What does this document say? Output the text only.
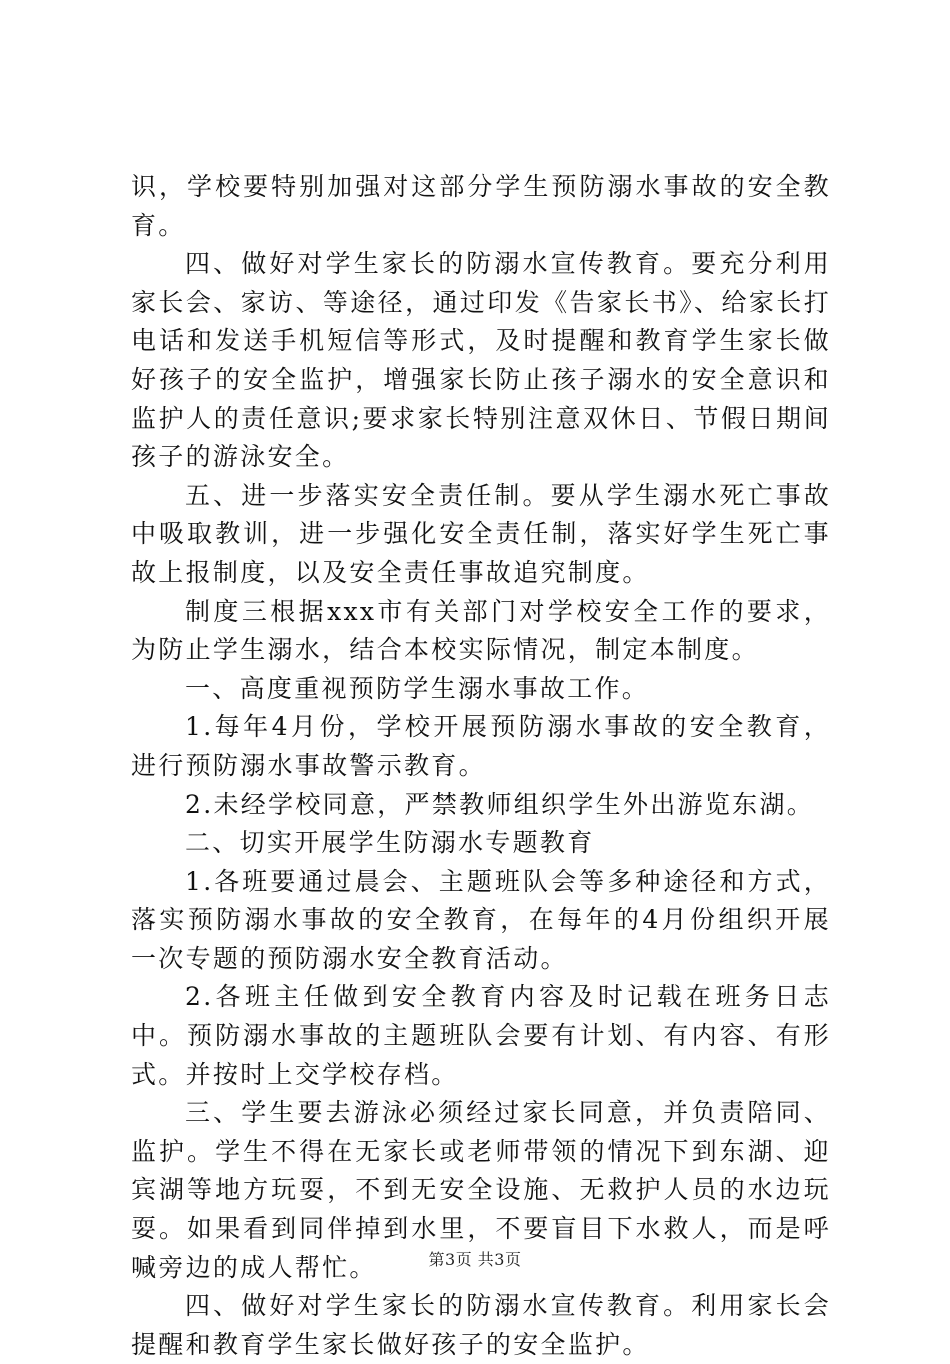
识，学校要特别加强对这部分学生预防溺水事故的安全教育。

四、做好对学生家长的防溺水宣传教育。要充分利用家长会、家访、等途径，通过印发《告家长书》、给家长打电话和发送手机短信等形式，及时提醒和教育学生家长做好孩子的安全监护，增强家长防止孩子溺水的安全意识和监护人的责任意识;要求家长特别注意双休日、节假日期间孩子的游泳安全。

五、进一步落实安全责任制。要从学生溺水死亡事故中吸取教训，进一步强化安全责任制，落实好学生死亡事故上报制度，以及安全责任事故追究制度。

制度三根据xxx市有关部门对学校安全工作的要求，为防止学生溺水，结合本校实际情况，制定本制度。

一、高度重视预防学生溺水事故工作。

1.每年4月份，学校开展预防溺水事故的安全教育，进行预防溺水事故警示教育。

2.未经学校同意，严禁教师组织学生外出游览东湖。

二、切实开展学生防溺水专题教育

1.各班要通过晨会、主题班队会等多种途径和方式，落实预防溺水事故的安全教育，在每年的4月份组织开展一次专题的预防溺水安全教育活动。

2.各班主任做到安全教育内容及时记载在班务日志中。预防溺水事故的主题班队会要有计划、有内容、有形式。并按时上交学校存档。

三、学生要去游泳必须经过家长同意，并负责陪同、监护。学生不得在无家长或老师带领的情况下到东湖、迎宾湖等地方玩耍，不到无安全设施、无救护人员的水边玩耍。如果看到同伴掉到水里，不要盲目下水救人，而是呼喊旁边的成人帮忙。

四、做好对学生家长的防溺水宣传教育。利用家长会提醒和教育学生家长做好孩子的安全监护。

第3页 共3页
